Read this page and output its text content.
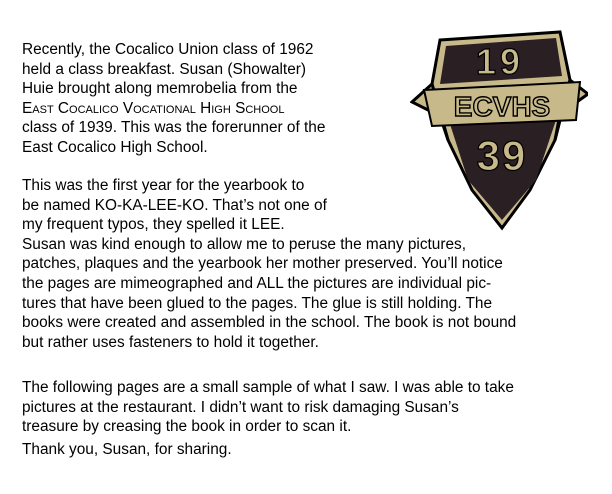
Recently, the Cocalico Union class of 1962
held a class breakfast. Susan (Showalter)
Huie brought along memrobelia from the
East Cocalico Vocational High School
class of 1939. This was the forerunner of the
East Cocalico High School.

This was the first year for the yearbook to
be named KO-KA-LEE-KO. That’s not one of
my frequent typos, they spelled it LEE.
Susan was kind enough to allow me to peruse the many pictures,
patches, plaques and the yearbook her mother preserved. You’ll notice
the pages are mimeographed and ALL the pictures are individual pic-
tures that have been glued to the pages. The glue is still holding. The
books were created and assembled in the school. The book is not bound
but rather uses fasteners to hold it together.

The following pages are a small sample of what I saw. I was able to take
pictures at the restaurant. I didn’t want to risk damaging Susan’s
treasure by creasing the book in order to scan it.

Thank you, Susan, for sharing.

19
ECVHS
39
